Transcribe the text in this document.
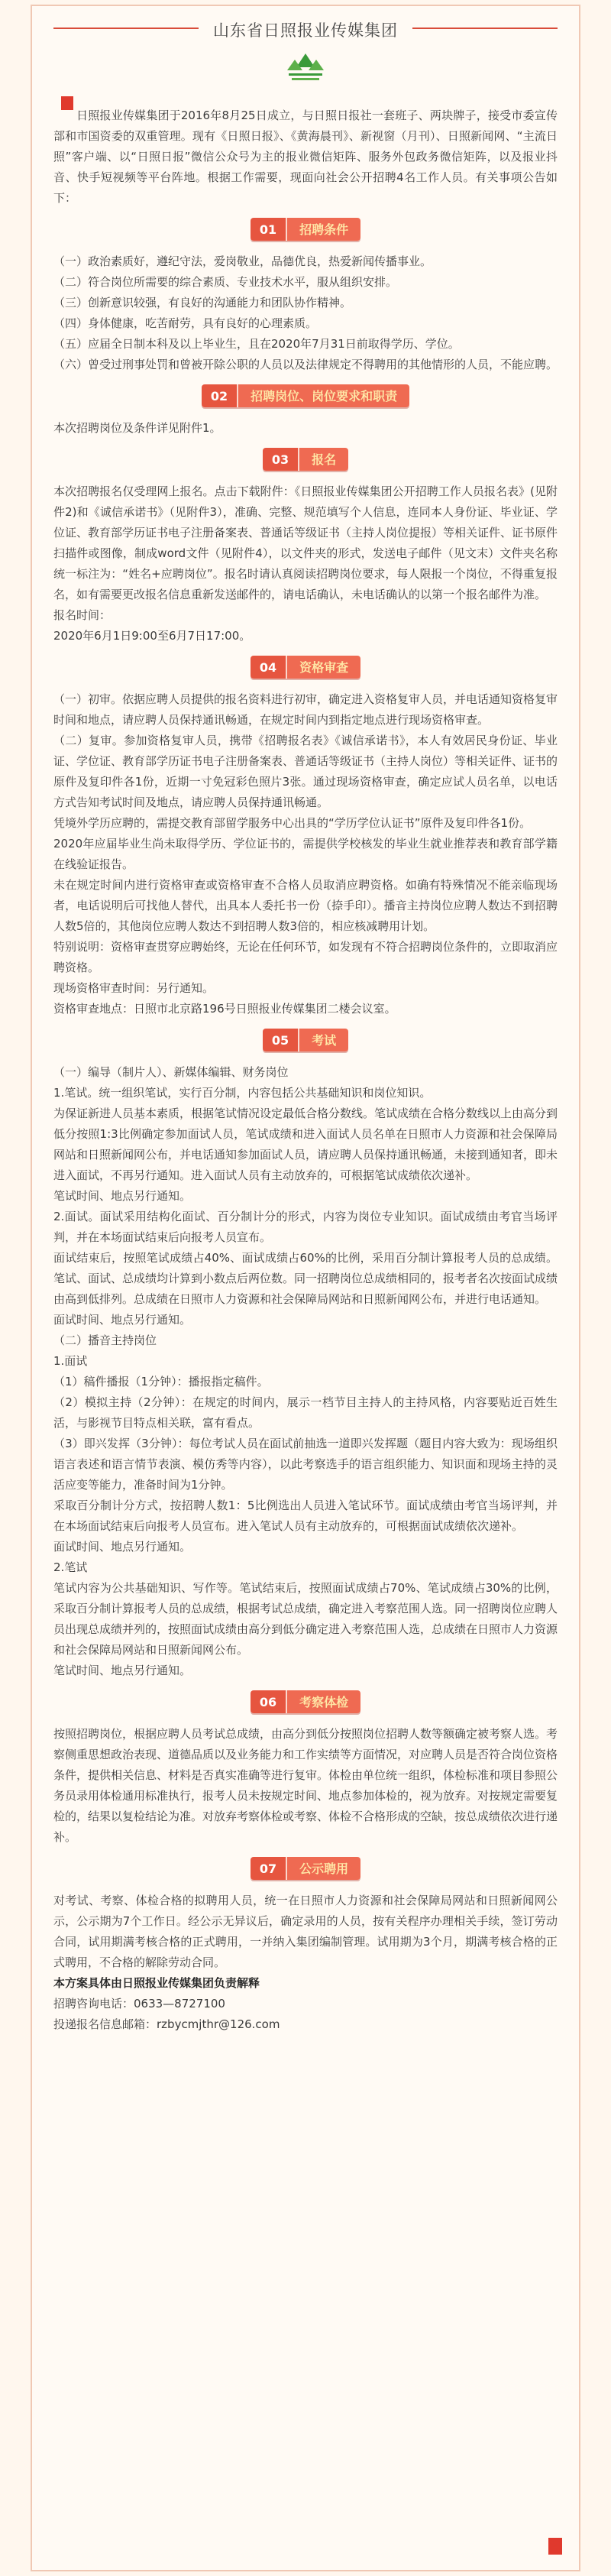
山东省日照报业传媒集团

日照报业传媒集团于2016年8月25日成立，与日照日报社一套班子、两块牌子，接受市委宣传部和市国资委的双重管理。现有《日照日报》、《黄海晨刊》、新视窗（月刊）、日照新闻网、“主流日照”客户端、以“日照日报”微信公众号为主的报业微信矩阵、服务外包政务微信矩阵，以及报业抖音、快手短视频等平台阵地。根据工作需要，现面向社会公开招聘4名工作人员。有关事项公告如下：

01	招聘条件

（一）政治素质好，遵纪守法，爱岗敬业，品德优良，热爱新闻传播事业。

（二）符合岗位所需要的综合素质、专业技术水平，服从组织安排。

（三）创新意识较强，有良好的沟通能力和团队协作精神。

（四）身体健康，吃苦耐劳，具有良好的心理素质。

（五）应届全日制本科及以上毕业生，且在2020年7月31日前取得学历、学位。

（六）曾受过刑事处罚和曾被开除公职的人员以及法律规定不得聘用的其他情形的人员，不能应聘。

02	招聘岗位、岗位要求和职责

本次招聘岗位及条件详见附件1。

03	报名

本次招聘报名仅受理网上报名。点击下载附件：《日照报业传媒集团公开招聘工作人员报名表》(见附件2)和《诚信承诺书》（见附件3），准确、完整、规范填写个人信息，连同本人身份证、毕业证、学位证、教育部学历证书电子注册备案表、普通话等级证书（主持人岗位提报）等相关证件、证书原件扫描件或图像，制成word文件（见附件4），以文件夹的形式，发送电子邮件（见文末）文件夹名称统一标注为：“姓名+应聘岗位”。报名时请认真阅读招聘岗位要求，每人限报一个岗位，不得重复报名，如有需要更改报名信息重新发送邮件的，请电话确认，未电话确认的以第一个报名邮件为准。

报名时间：

2020年6月1日9:00至6月7日17:00。

04	资格审查

（一）初审。依据应聘人员提供的报名资料进行初审，确定进入资格复审人员，并电话通知资格复审时间和地点，请应聘人员保持通讯畅通，在规定时间内到指定地点进行现场资格审查。

（二）复审。参加资格复审人员，携带《招聘报名表》《诚信承诺书》，本人有效居民身份证、毕业证、学位证、教育部学历证书电子注册备案表、普通话等级证书（主持人岗位）等相关证件、证书的原件及复印件各1份，近期一寸免冠彩色照片3张。通过现场资格审查，确定应试人员名单，以电话方式告知考试时间及地点，请应聘人员保持通讯畅通。

凭境外学历应聘的，需提交教育部留学服务中心出具的“学历学位认证书”原件及复印件各1份。

2020年应届毕业生尚未取得学历、学位证书的，需提供学校核发的毕业生就业推荐表和教育部学籍在线验证报告。

未在规定时间内进行资格审查或资格审查不合格人员取消应聘资格。如确有特殊情况不能亲临现场者，电话说明后可找他人替代，出具本人委托书一份（捺手印）。播音主持岗位应聘人数达不到招聘人数5倍的，其他岗位应聘人数达不到招聘人数3倍的，相应核减聘用计划。

特别说明：资格审查贯穿应聘始终，无论在任何环节，如发现有不符合招聘岗位条件的，立即取消应聘资格。

现场资格审查时间：另行通知。

资格审查地点：日照市北京路196号日照报业传媒集团二楼会议室。

05	考试

（一）编导（制片人）、新媒体编辑、财务岗位

1.笔试。统一组织笔试，实行百分制，内容包括公共基础知识和岗位知识。

为保证新进人员基本素质，根据笔试情况设定最低合格分数线。笔试成绩在合格分数线以上由高分到低分按照1:3比例确定参加面试人员，笔试成绩和进入面试人员名单在日照市人力资源和社会保障局网站和日照新闻网公布，并电话通知参加面试人员，请应聘人员保持通讯畅通，未接到通知者，即未进入面试，不再另行通知。进入面试人员有主动放弃的，可根据笔试成绩依次递补。

笔试时间、地点另行通知。

2.面试。面试采用结构化面试、百分制计分的形式，内容为岗位专业知识。面试成绩由考官当场评判，并在本场面试结束后向报考人员宣布。

面试结束后，按照笔试成绩占40%、面试成绩占60%的比例，采用百分制计算报考人员的总成绩。笔试、面试、总成绩均计算到小数点后两位数。同一招聘岗位总成绩相同的，报考者名次按面试成绩由高到低排列。总成绩在日照市人力资源和社会保障局网站和日照新闻网公布，并进行电话通知。

面试时间、地点另行通知。

（二）播音主持岗位

1.面试

（1）稿件播报（1分钟）：播报指定稿件。

（2）模拟主持（2分钟）：在规定的时间内，展示一档节目主持人的主持风格，内容要贴近百姓生活，与影视节目特点相关联，富有看点。

（3）即兴发挥（3分钟）：每位考试人员在面试前抽选一道即兴发挥题（题目内容大致为：现场组织语言表述和语言情节表演、模仿秀等内容），以此考察选手的语言组织能力、知识面和现场主持的灵活应变等能力，准备时间为1分钟。

采取百分制计分方式，按招聘人数1：5比例选出人员进入笔试环节。面试成绩由考官当场评判，并在本场面试结束后向报考人员宣布。进入笔试人员有主动放弃的，可根据面试成绩依次递补。

面试时间、地点另行通知。

2.笔试

笔试内容为公共基础知识、写作等。笔试结束后，按照面试成绩占70%、笔试成绩占30%的比例，采取百分制计算报考人员的总成绩，根据考试总成绩，确定进入考察范围人选。同一招聘岗位应聘人员出现总成绩并列的，按照面试成绩由高分到低分确定进入考察范围人选，总成绩在日照市人力资源和社会保障局网站和日照新闻网公布。

笔试时间、地点另行通知。

06	考察体检

按照招聘岗位，根据应聘人员考试总成绩，由高分到低分按照岗位招聘人数等额确定被考察人选。考察侧重思想政治表现、道德品质以及业务能力和工作实绩等方面情况，对应聘人员是否符合岗位资格条件，提供相关信息、材料是否真实准确等进行复审。体检由单位统一组织，体检标准和项目参照公务员录用体检通用标准执行，报考人员未按规定时间、地点参加体检的，视为放弃。对按规定需要复检的，结果以复检结论为准。对放弃考察体检或考察、体检不合格形成的空缺，按总成绩依次进行递补。

07	公示聘用

对考试、考察、体检合格的拟聘用人员，统一在日照市人力资源和社会保障局网站和日照新闻网公示，公示期为7个工作日。经公示无异议后，确定录用的人员，按有关程序办理相关手续，签订劳动合同，试用期满考核合格的正式聘用，一并纳入集团编制管理。试用期为3个月，期满考核合格的正式聘用，不合格的解除劳动合同。

本方案具体由日照报业传媒集团负责解释

招聘咨询电话：0633—8727100

投递报名信息邮箱：rzbycmjthr@126.com
